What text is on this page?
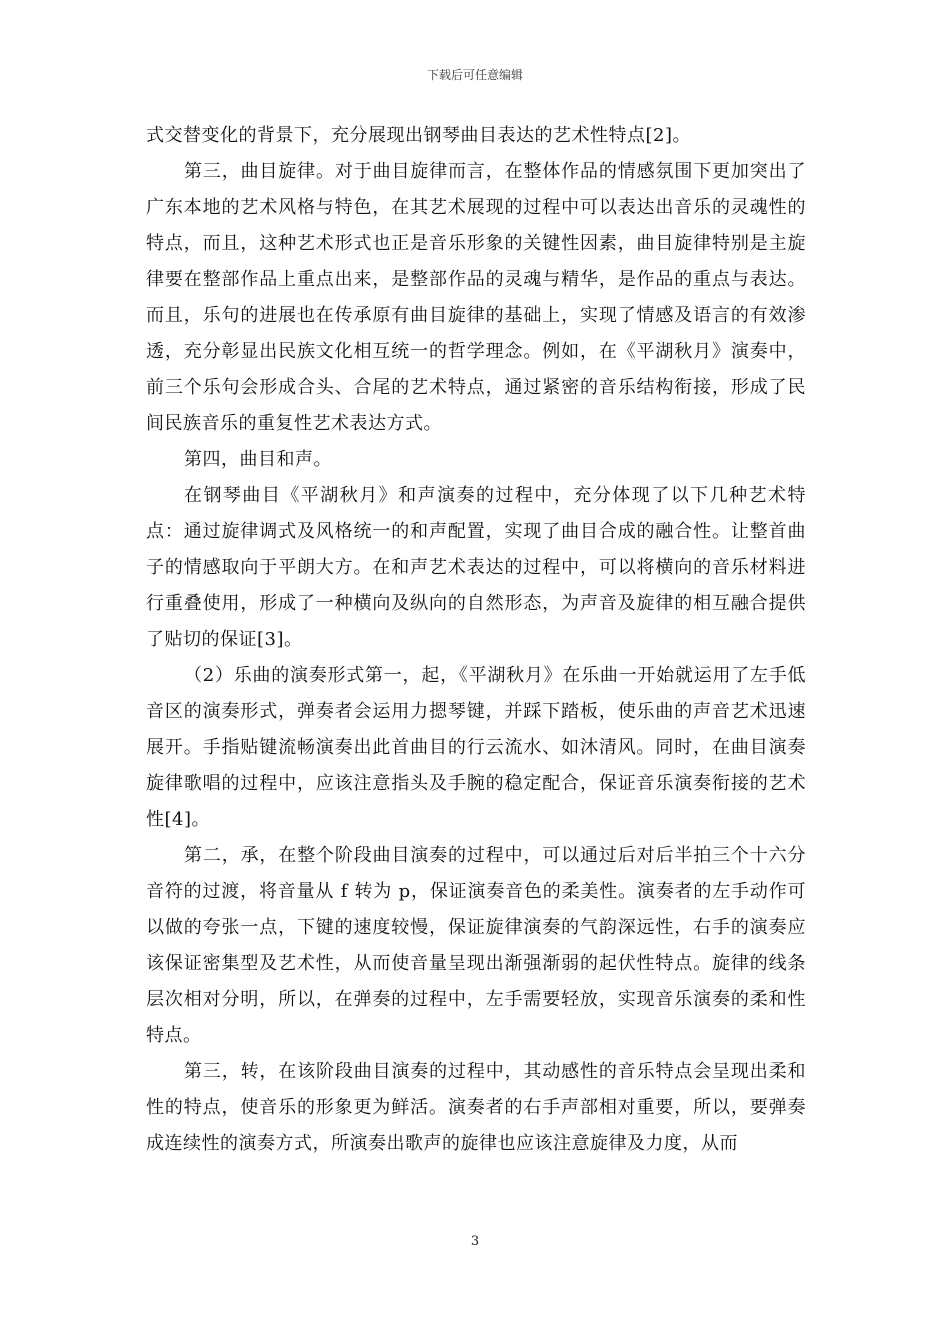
下载后可任意编辑

式交替变化的背景下，充分展现出钢琴曲目表达的艺术性特点[2]。

第三，曲目旋律。对于曲目旋律而言，在整体作品的情感氛围下更加突出了广东本地的艺术风格与特色，在其艺术展现的过程中可以表达出音乐的灵魂性的特点，而且，这种艺术形式也正是音乐形象的关键性因素，曲目旋律特别是主旋律要在整部作品上重点出来，是整部作品的灵魂与精华，是作品的重点与表达。而且，乐句的进展也在传承原有曲目旋律的基础上，实现了情感及语言的有效渗透，充分彰显出民族文化相互统一的哲学理念。例如，在《平湖秋月》演奏中，前三个乐句会形成合头、合尾的艺术特点，通过紧密的音乐结构衔接，形成了民间民族音乐的重复性艺术表达方式。

第四，曲目和声。

在钢琴曲目《平湖秋月》和声演奏的过程中，充分体现了以下几种艺术特点：通过旋律调式及风格统一的和声配置，实现了曲目合成的融合性。让整首曲子的情感取向于平朗大方。在和声艺术表达的过程中，可以将横向的音乐材料进行重叠使用，形成了一种横向及纵向的自然形态，为声音及旋律的相互融合提供了贴切的保证[3]。

（2）乐曲的演奏形式第一，起，《平湖秋月》在乐曲一开始就运用了左手低音区的演奏形式，弹奏者会运用力摁琴键，并踩下踏板，使乐曲的声音艺术迅速展开。手指贴键流畅演奏出此首曲目的行云流水、如沐清风。同时，在曲目演奏旋律歌唱的过程中，应该注意指头及手腕的稳定配合，保证音乐演奏衔接的艺术性[4]。

第二，承，在整个阶段曲目演奏的过程中，可以通过后对后半拍三个十六分音符的过渡，将音量从 f 转为 p，保证演奏音色的柔美性。演奏者的左手动作可以做的夸张一点，下键的速度较慢，保证旋律演奏的气韵深远性，右手的演奏应该保证密集型及艺术性，从而使音量呈现出渐强渐弱的起伏性特点。旋律的线条层次相对分明，所以，在弹奏的过程中，左手需要轻放，实现音乐演奏的柔和性特点。

第三，转，在该阶段曲目演奏的过程中，其动感性的音乐特点会呈现出柔和性的特点，使音乐的形象更为鲜活。演奏者的右手声部相对重要，所以，要弹奏成连续性的演奏方式，所演奏出歌声的旋律也应该注意旋律及力度，从而

3
